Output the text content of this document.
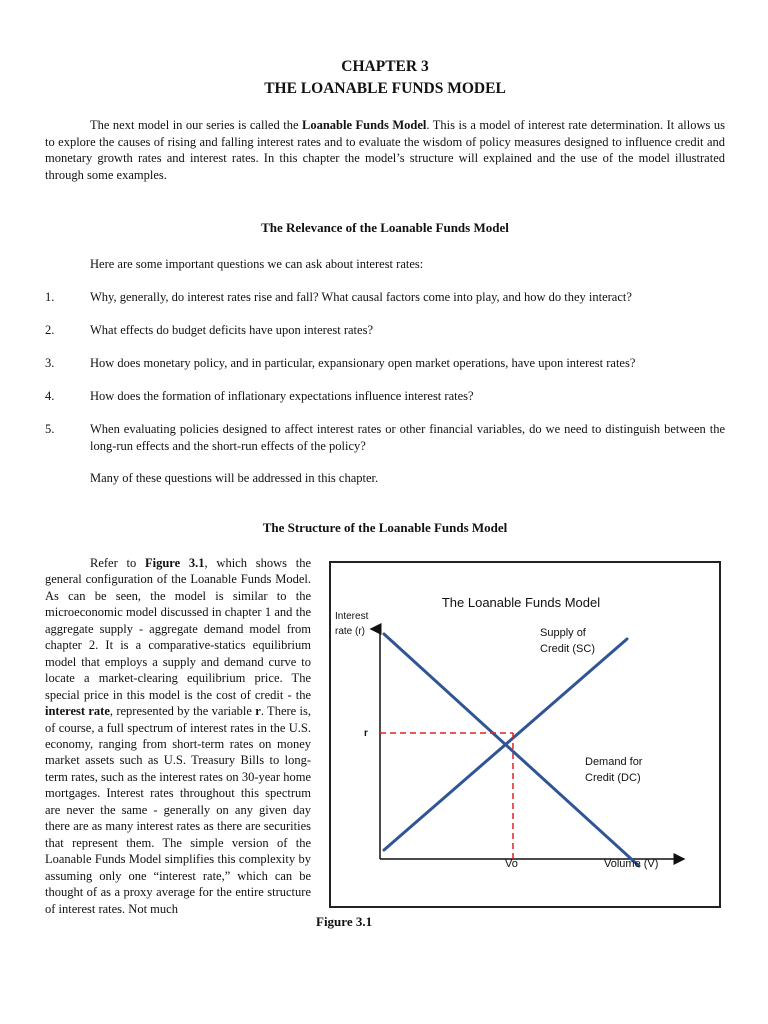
CHAPTER 3
THE LOANABLE FUNDS MODEL
The next model in our series is called the Loanable Funds Model. This is a model of interest rate determination. It allows us to explore the causes of rising and falling interest rates and to evaluate the wisdom of policy measures designed to influence credit and monetary growth rates and interest rates. In this chapter the model’s structure will explained and the use of the model illustrated through some examples.
The Relevance of the Loanable Funds Model
Here are some important questions we can ask about interest rates:
1.	Why, generally, do interest rates rise and fall? What causal factors come into play, and how do they interact?
2.	What effects do budget deficits have upon interest rates?
3.	How does monetary policy, and in particular, expansionary open market operations, have upon interest rates?
4.	How does the formation of inflationary expectations influence interest rates?
5.	When evaluating policies designed to affect interest rates or other financial variables, do we need to distinguish between the long-run effects and the short-run effects of the policy?
Many of these questions will be addressed in this chapter.
The Structure of the Loanable Funds Model
Refer to Figure 3.1, which shows the general configuration of the Loanable Funds Model. As can be seen, the model is similar to the microeconomic model discussed in chapter 1 and the aggregate supply - aggregate demand model from chapter 2. It is a comparative-statics equilibrium model that employs a supply and demand curve to locate a market-clearing equilibrium price. The special price in this model is the cost of credit - the interest rate, represented by the variable r. There is, of course, a full spectrum of interest rates in the U.S. economy, ranging from short-term rates on money market assets such as U.S. Treasury Bills to long-term rates, such as the interest rates on 30-year home mortgages. Interest rates throughout this spectrum are never the same - generally on any given day there are as many interest rates as there are securities that represent them. The simple version of the Loanable Funds Model simplifies this complexity by assuming only one “interest rate,” which can be thought of as a proxy average for the entire structure of interest rates. Not much
The Loanable Funds Model
Interest
rate (r)
r
Vo	Volume (V)
Supply of
Credit (SC)
Demand for
Credit (DC)
Figure 3.1
